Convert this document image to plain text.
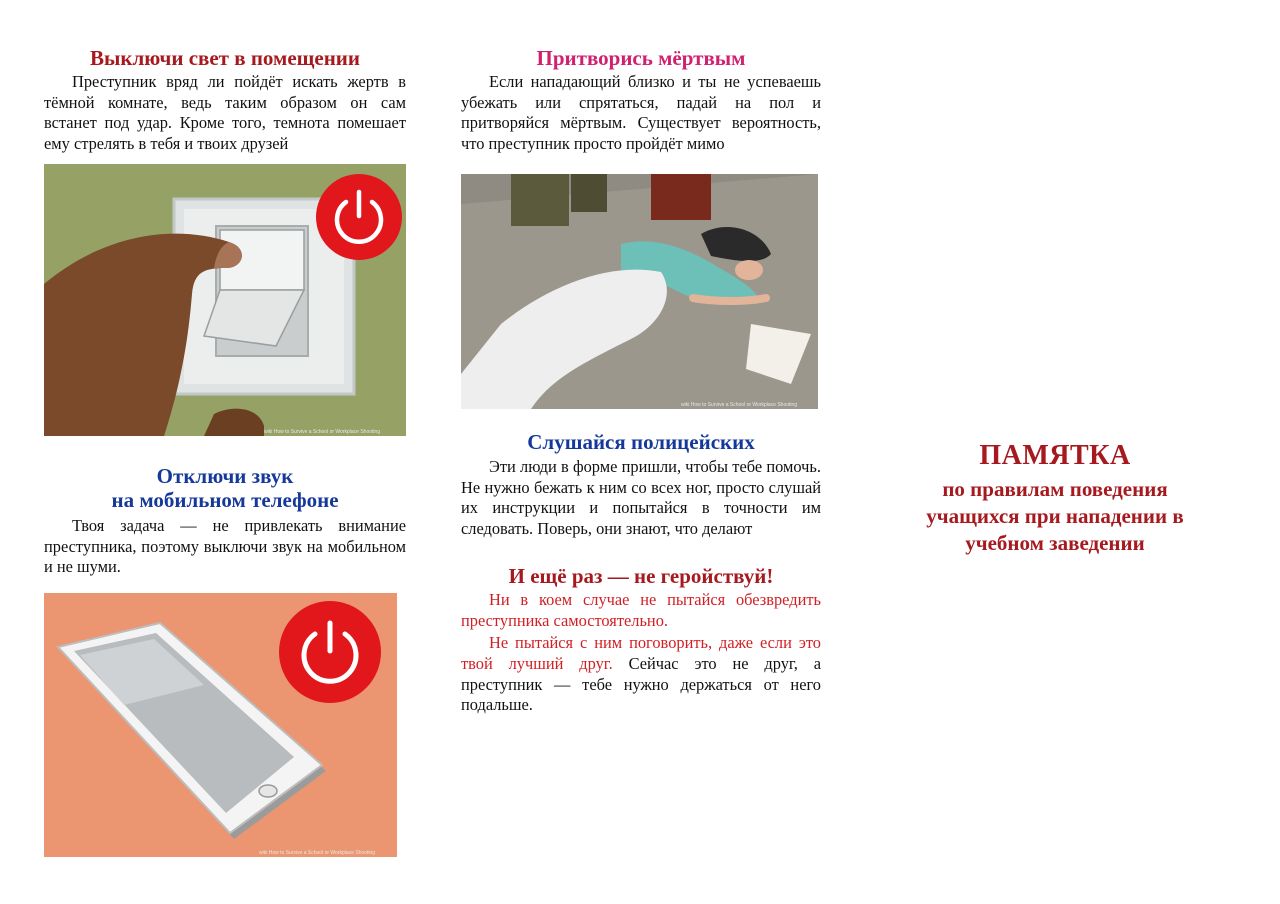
Выключи свет в помещении

Преступник вряд ли пойдёт искать жертв в тёмной комнате, ведь таким образом он сам встанет под удар. Кроме того, темнота помешает ему стрелять в тебя и твоих друзей

wiki How to Survive a School or Workplace Shooting
Отключи звук
на мобильном телефоне

Твоя задача — не привлекать внимание преступника, поэтому выключи звук на мобильном и не шуми.

wiki How to Survive a School or Workplace Shooting
Притворись мёртвым

Если нападающий близко и ты не успеваешь убежать или спрятаться, падай на пол и притворяйся мёртвым. Существует вероятность, что преступник просто пройдёт мимо

wiki How to Survive a School or Workplace Shooting
Слушайся полицейских

Эти люди в форме пришли, чтобы тебе помочь. Не нужно бежать к ним со всех ног, просто слушай их инструкции и попытайся в точности им следовать. Поверь, они знают, что делают

И ещё раз — не геройствуй!

Ни в коем случае не пытайся обезвредить преступника самостоятельно.

Не пытайся с ним поговорить, даже если это твой лучший друг. Сейчас это не друг, а преступник — тебе нужно держаться от него подальше.

ПАМЯТКА
по правилам поведения
учащихся при нападении в
учебном заведении
